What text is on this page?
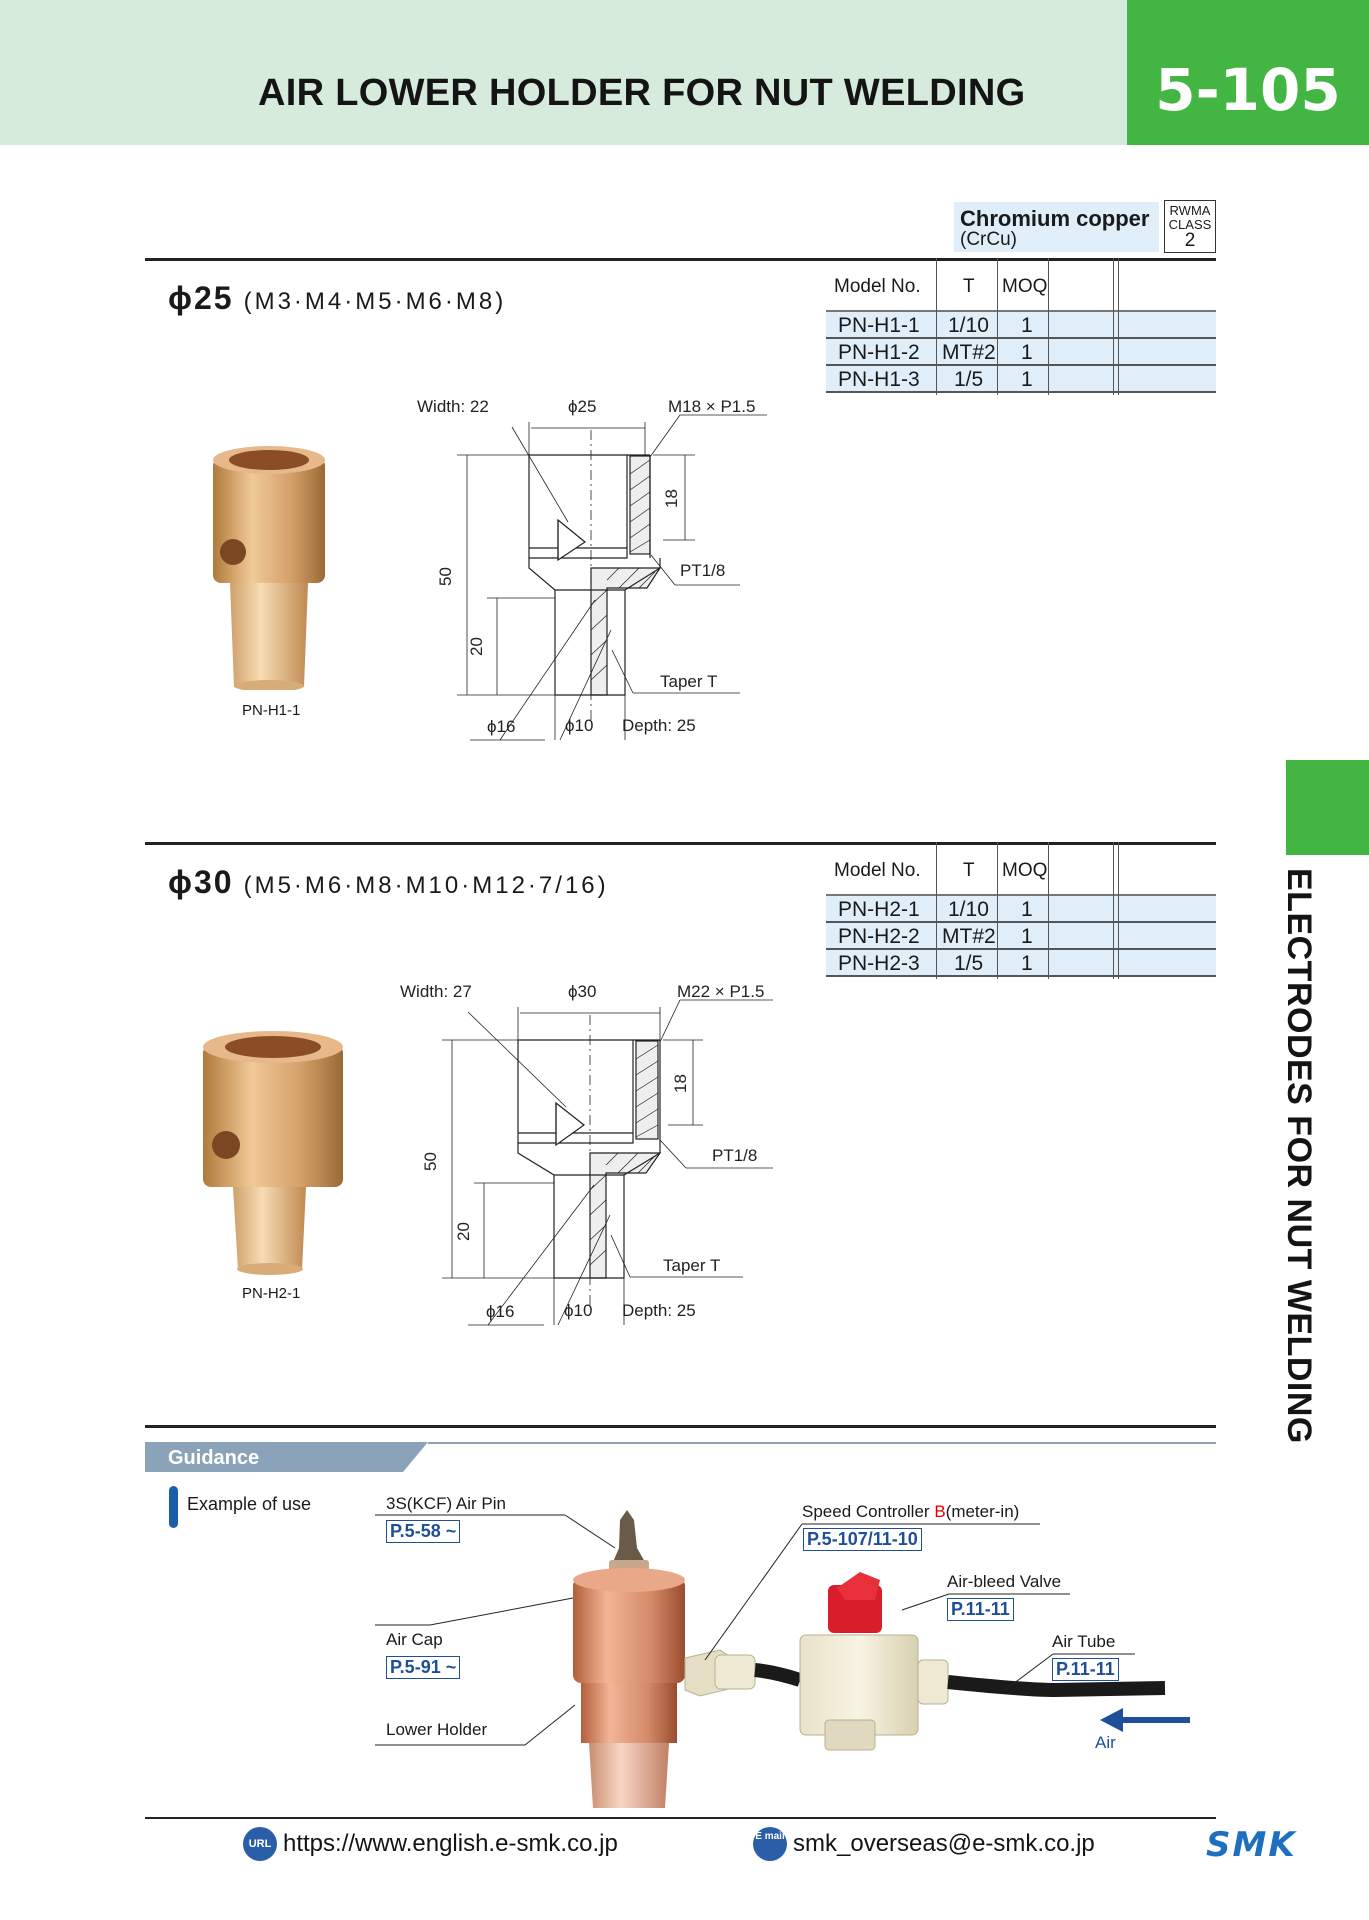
AIR LOWER HOLDER FOR NUT WELDING	5-105
ELECTRODES FOR NUT WELDING
Chromium copper
(CrCu)
RWMA
CLASS
2
ϕ25 (M3·M4·M5·M6·M8)
Model No. T MOQ
PN-H1-1 1/10 1
PN-H1-2 MT#2 1
PN-H1-3 1/5 1
PN-H1-1
Width: 22	ϕ25	M18 × P1.5
18
PT1/8
50
20
Taper T
ϕ16	ϕ10 Depth: 25
ϕ30 (M5·M6·M8·M10·M12·7/16)
Model No. T MOQ
PN-H2-1 1/10 1
PN-H2-2 MT#2 1
PN-H2-3 1/5 1
PN-H2-1
Width: 27	ϕ30	M22 × P1.5
18
PT1/8
50
20
Taper T
ϕ16	ϕ10 Depth: 25
Guidance
Example of use	3S(KCF) Air Pin
P.5-58 ~
Air Cap
P.5-91 ~
Lower Holder
Speed Controller B(meter-in)
P.5-107/11-10
Air-bleed Valve
P.11-11
Air Tube
P.11-11
Air
URL https://www.english.e-smk.co.jp	E mail smk_overseas@e-smk.co.jp	SMK
